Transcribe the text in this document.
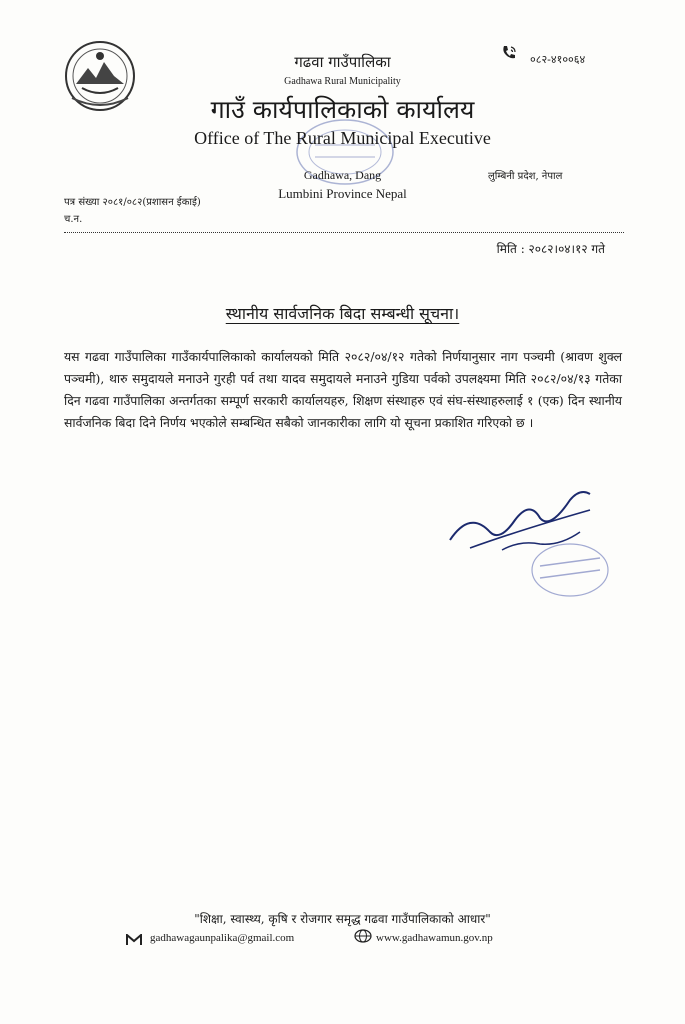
गढवा गाउँपालिका
Gadhawa Rural Municipality
गाउँ कार्यपालिकाको कार्यालय
Office of The Rural Municipal Executive
Gadhawa, Dang
Lumbini Province Nepal
०८२-४१००६४
लुम्बिनी प्रदेश, नेपाल
पत्र संख्या २०८१/०८२(प्रशासन ईकाई)
च.न.
मिति : २०८२।०४।१२ गते
स्थानीय सार्वजनिक बिदा सम्बन्धी सूचना।
यस गढवा गाउँपालिका गाउँकार्यपालिकाको कार्यालयको मिति २०८२/०४/१२ गतेको निर्णयानुसार नाग पञ्चमी (श्रावण शुक्ल पञ्चमी), थारु समुदायले मनाउने गुरही पर्व तथा यादव समुदायले मनाउने गुडिया पर्वको उपलक्ष्यमा मिति २०८२/०४/१३ गतेका दिन गढवा गाउँपालिका अन्तर्गतका सम्पूर्ण सरकारी कार्यालयहरु, शिक्षण संस्थाहरु एवं संघ-संस्थाहरुलाई १ (एक) दिन स्थानीय सार्वजनिक बिदा दिने निर्णय भएकोले सम्बन्धित सबैको जानकारीका लागि यो सूचना प्रकाशित गरिएको छ ।
"शिक्षा, स्वास्थ्य, कृषि र रोजगार समृद्ध गढवा गाउँपालिकाको आधार"
gadhawagaunpalika@gmail.com	www.gadhawamun.gov.np
